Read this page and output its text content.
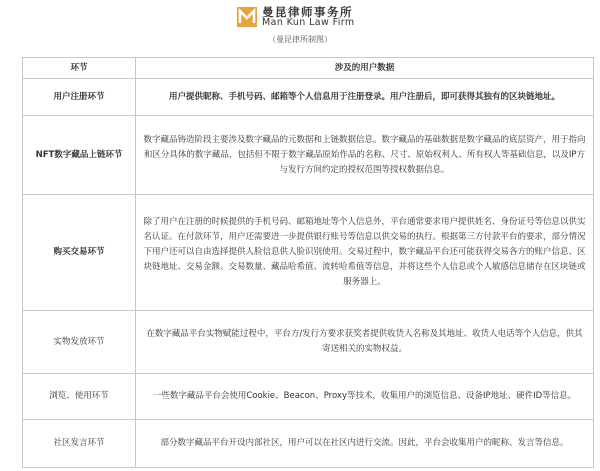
曼昆律师事务所
Man Kun Law Firm
（曼昆律所制图）
环节	涉及的用户数据
用户注册环节	用户提供昵称、手机号码、邮箱等个人信息用于注册登录。用户注册后，即可获得其独有的区块链地址。
NFT数字藏品上链环节	数字藏品铸造阶段主要涉及数字藏品的元数据和上链数据信息。数字藏品的基础数据是数字藏品的底层资产，用于指向和区分具体的数字藏品，包括但不限于数字藏品原始作品的名称、尺寸、原始权利人、所有权人等基础信息，以及IP方与发行方间约定的授权范围等授权数据信息。
购买交易环节	除了用户在注册的时候提供的手机号码、邮箱地址等个人信息外，平台通常要求用户提供姓名、身份证号等信息以供实名认证。在付款环节，用户还需要进一步提供银行账号等信息以供交易的执行。根据第三方付款平台的要求，部分情况下用户还可以自由选择提供人脸信息供人脸识别使用。交易过程中，数字藏品平台还可能获得交易各方的账户信息、区块链地址、交易金额、交易数量、藏品哈希值、流转哈希值等信息，并将这些个人信息或个人敏感信息储存在区块链或服务器上。
实物发放环节	在数字藏品平台实物赋能过程中，平台方/发行方要求获奖者提供收货人名称及其地址、收货人电话等个人信息，供其寄送相关的实物权益。
浏览、使用环节	一些数字藏品平台会使用Cookie、Beacon、Proxy等技术，收集用户的浏览信息、设备IP地址、硬件ID等信息。
社区发言环节	部分数字藏品平台开设内部社区，用户可以在社区内进行交流。因此，平台会收集用户的昵称、发言等信息。
